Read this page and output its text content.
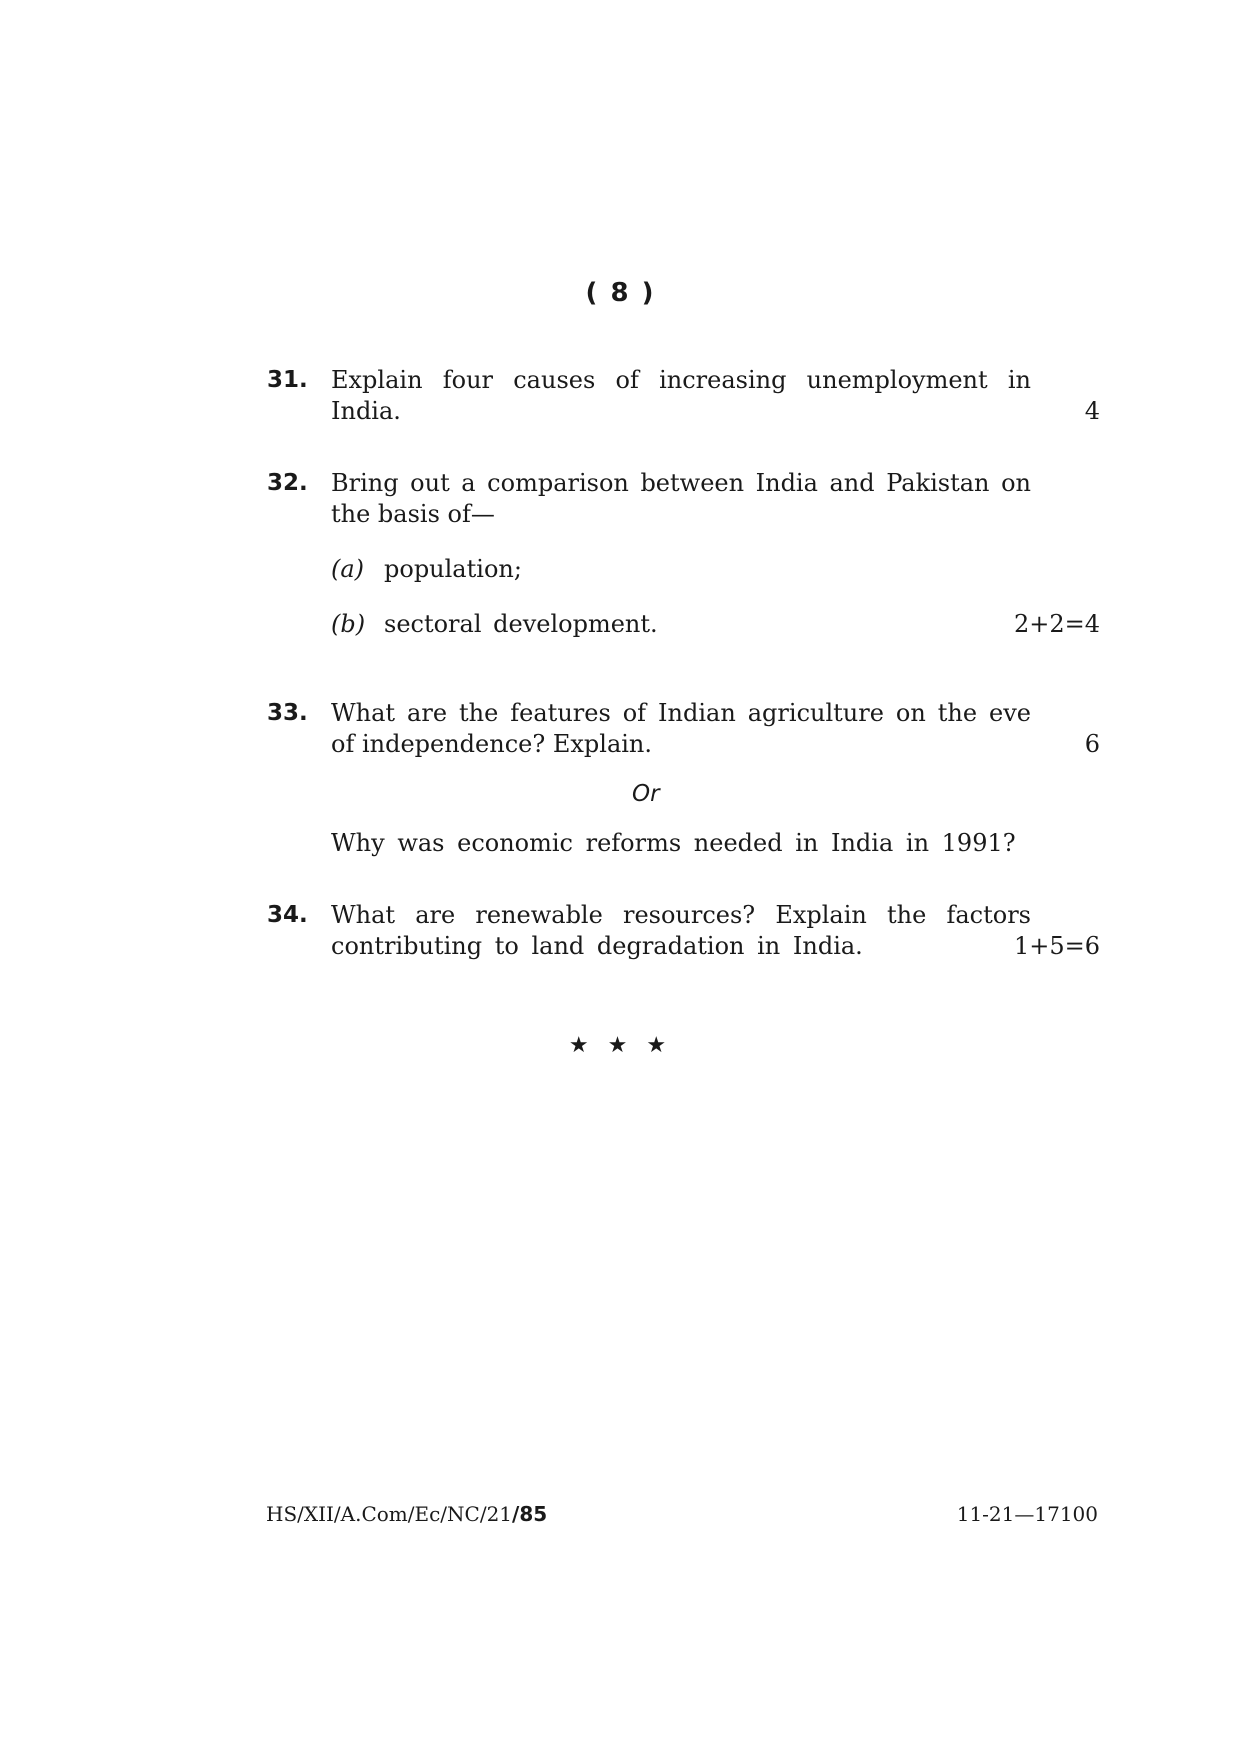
( 8 )
31. Explain four causes of increasing unemployment in
India.	4
32. Bring out a comparison between India and Pakistan on
the basis of—
(a) population;
(b) sectoral development.	2+2=4
33. What are the features of Indian agriculture on the eve
of independence? Explain.	6
Or
Why was economic reforms needed in India in 1991?
34. What are renewable resources? Explain the factors
contributing to land degradation in India.	1+5=6
★ ★ ★
HS/XII/A.Com/Ec/NC/21/85	11-21—17100
